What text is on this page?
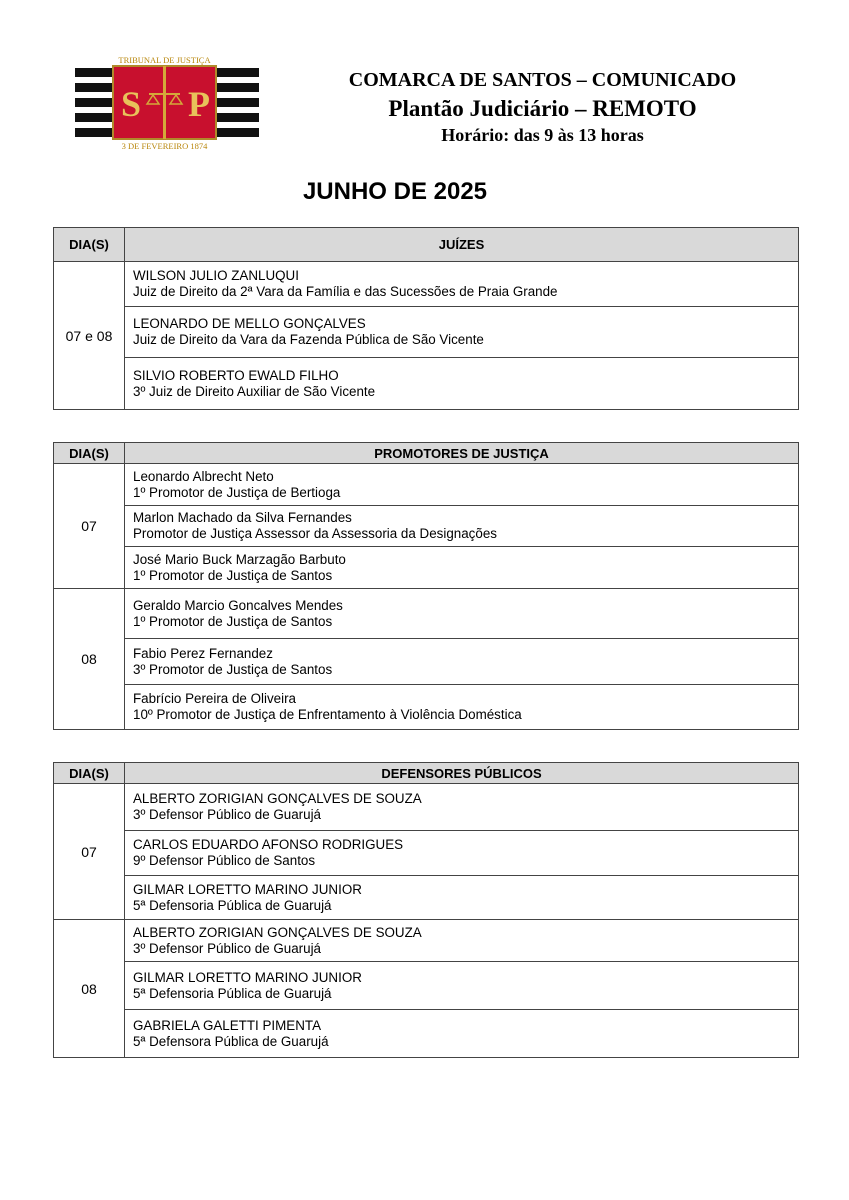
S P
TRIBUNAL DE JUSTIÇA
3 DE FEVEREIRO 1874
COMARCA DE SANTOS – COMUNICADO
Plantão Judiciário – REMOTO
Horário: das 9 às 13 horas
JUNHO DE 2025
DIA(S)	JUÍZES
07 e 08	WILSON JULIO ZANLUQUI
Juiz de Direito da 2ª Vara da Família e das Sucessões de Praia Grande

	LEONARDO DE MELLO GONÇALVES
Juiz de Direito da Vara da Fazenda Pública de São Vicente

	SILVIO ROBERTO EWALD FILHO
3º Juiz de Direito Auxiliar de São Vicente
DIA(S)	PROMOTORES DE JUSTIÇA
07	Leonardo Albrecht Neto
1º Promotor de Justiça de Bertioga

	Marlon Machado da Silva Fernandes
Promotor de Justiça Assessor da Assessoria da Designações

	José Mario Buck Marzagão Barbuto
1º Promotor de Justiça de Santos

08	Geraldo Marcio Goncalves Mendes
1º Promotor de Justiça de Santos

	Fabio Perez Fernandez
3º Promotor de Justiça de Santos

	Fabrício Pereira de Oliveira
10º Promotor de Justiça de Enfrentamento à Violência Doméstica
DIA(S)	DEFENSORES PÚBLICOS
07	ALBERTO ZORIGIAN GONÇALVES DE SOUZA
3º Defensor Público de Guarujá

	CARLOS EDUARDO AFONSO RODRIGUES
9º Defensor Público de Santos

	GILMAR LORETTO MARINO JUNIOR
5ª Defensoria Pública de Guarujá

08	ALBERTO ZORIGIAN GONÇALVES DE SOUZA
3º Defensor Público de Guarujá

	GILMAR LORETTO MARINO JUNIOR
5ª Defensoria Pública de Guarujá

	GABRIELA GALETTI PIMENTA
5ª Defensora Pública de Guarujá
